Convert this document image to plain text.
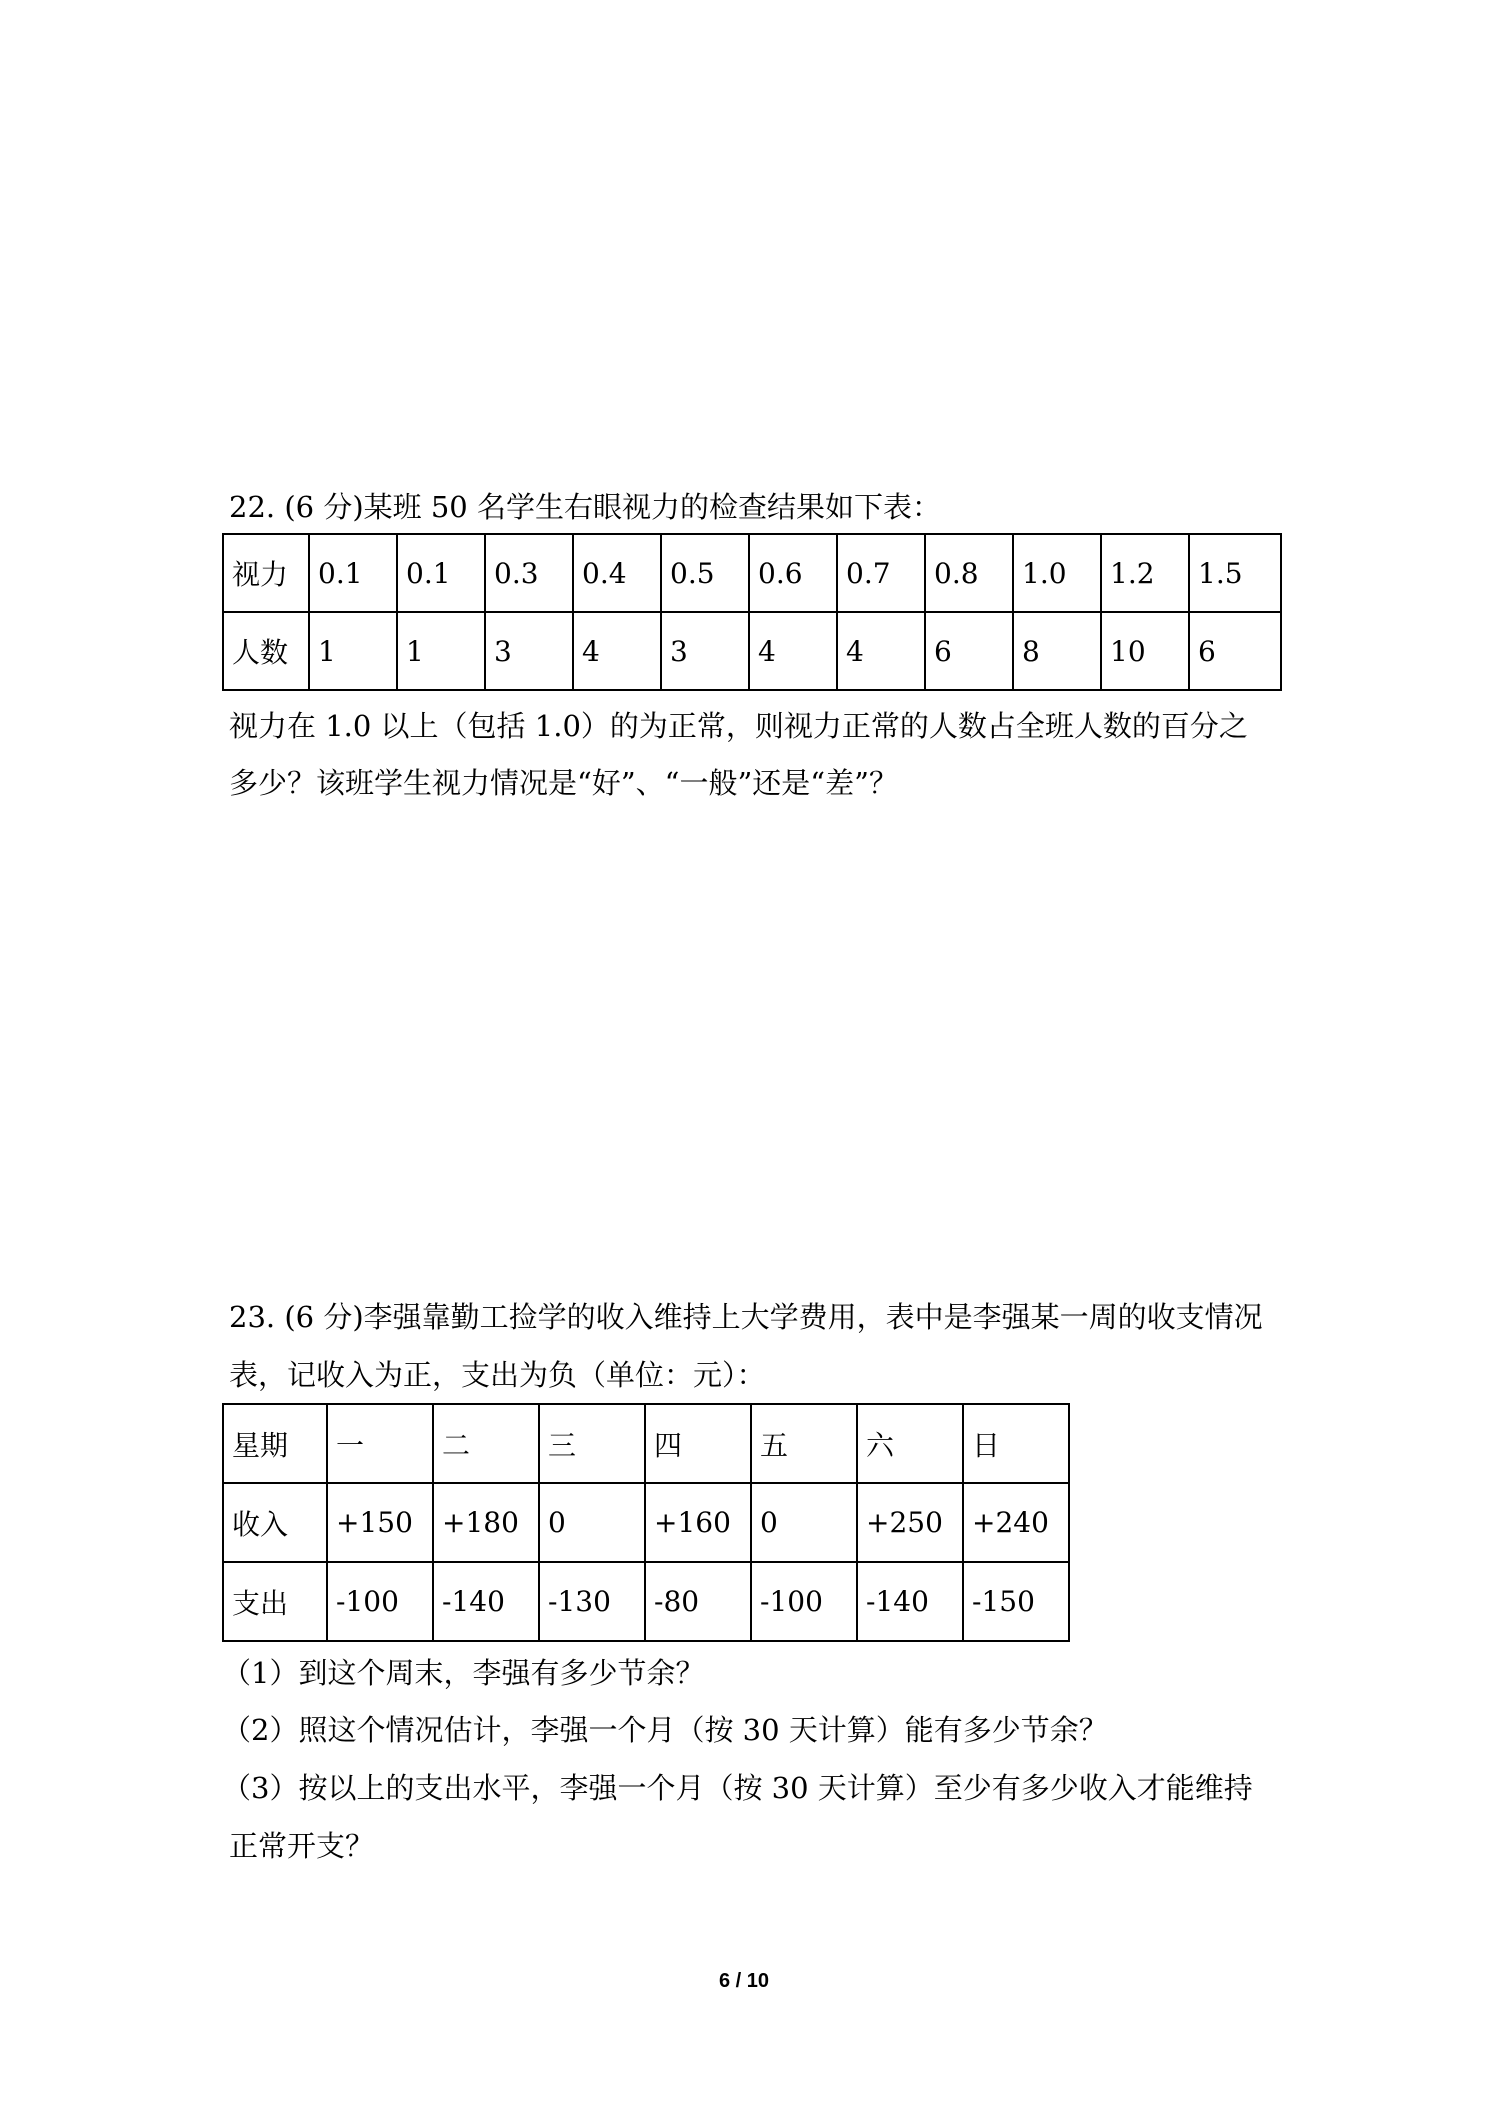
22. (6 分)某班 50 名学生右眼视力的检查结果如下表：
视力	0.1	0.1	0.3	0.4	0.5	0.6	0.7	0.8	1.0	1.2	1.5
人数	1	1	3	4	3	4	4	6	8	10	6
视力在 1.0 以上（包括 1.0）的为正常，则视力正常的人数占全班人数的百分之
多少？该班学生视力情况是“好”、“一般”还是“差”？
23. (6 分)李强靠勤工捡学的收入维持上大学费用，表中是李强某一周的收支情况
表，记收入为正，支出为负（单位：元）：
星期	一	二	三	四	五	六	日
收入	+150	+180	0	+160	0	+250	+240
支出	-100	-140	-130	-80	-100	-140	-150
（1）到这个周末，李强有多少节余？
（2）照这个情况估计，李强一个月（按 30 天计算）能有多少节余？
（3）按以上的支出水平，李强一个月（按 30 天计算）至少有多少收入才能维持
正常开支？
6 / 10
